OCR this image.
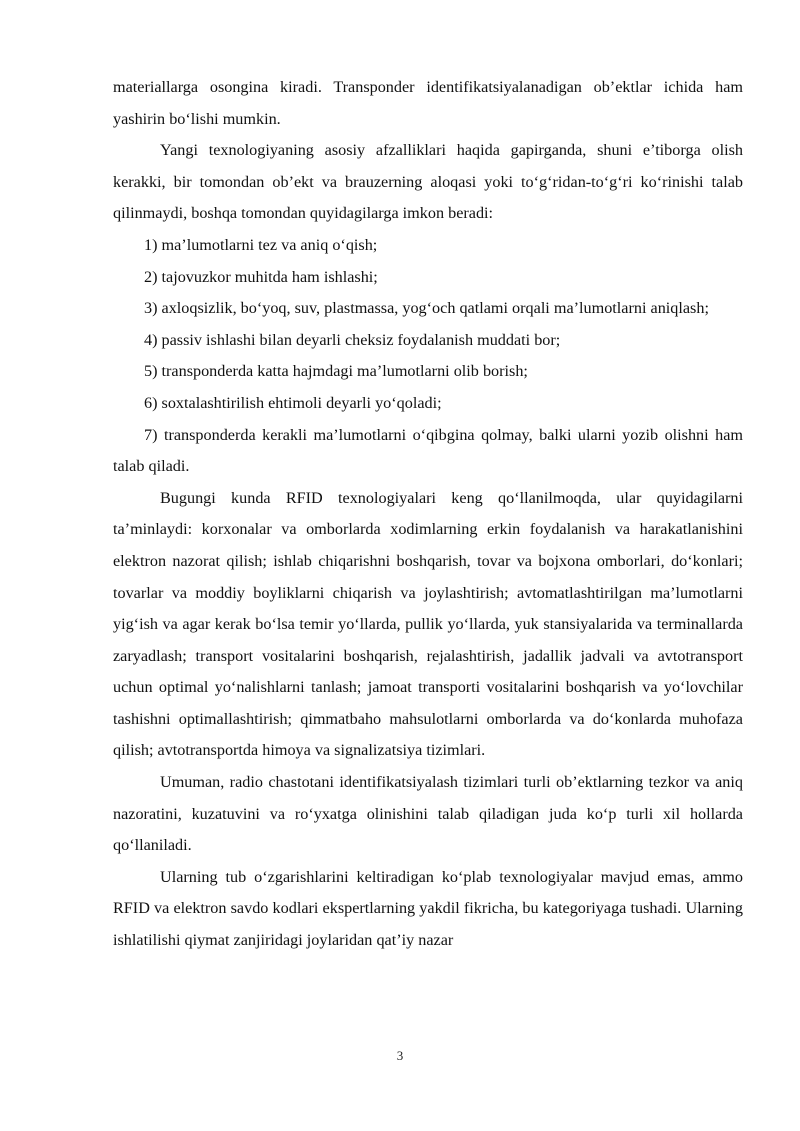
materiallarga osongina kiradi. Transponder identifikatsiyalanadigan ob’ektlar ichida ham yashirin bo‘lishi mumkin.

Yangi texnologiyaning asosiy afzalliklari haqida gapirganda, shuni e’tiborga olish kerakki, bir tomondan ob’ekt va brauzerning aloqasi yoki to‘g‘ridan-to‘g‘ri ko‘rinishi talab qilinmaydi, boshqa tomondan quyidagilarga imkon beradi:

1) ma’lumotlarni tez va aniq o‘qish;

2) tajovuzkor muhitda ham ishlashi;

3) axloqsizlik, bo‘yoq, suv, plastmassa, yog‘och qatlami orqali ma’lumotlarni aniqlash;

4) passiv ishlashi bilan deyarli cheksiz foydalanish muddati bor;

5) transponderda katta hajmdagi ma’lumotlarni olib borish;

6) soxtalashtirilish ehtimoli deyarli yo‘qoladi;

7) transponderda kerakli ma’lumotlarni o‘qibgina qolmay, balki ularni yozib olishni ham talab qiladi.

Bugungi kunda RFID texnologiyalari keng qo‘llanilmoqda, ular quyidagilarni ta’minlaydi: korxonalar va omborlarda xodimlarning erkin foydalanish va harakatlanishini elektron nazorat qilish; ishlab chiqarishni boshqarish, tovar va bojxona omborlari, do‘konlari; tovarlar va moddiy boyliklarni chiqarish va joylashtirish; avtomatlashtirilgan ma’lumotlarni yig‘ish va agar kerak bo‘lsa temir yo‘llarda, pullik yo‘llarda, yuk stansiyalarida va terminallarda zaryadlash; transport vositalarini boshqarish, rejalashtirish, jadallik jadvali va avtotransport uchun optimal yo‘nalishlarni tanlash; jamoat transporti vositalarini boshqarish va yo‘lovchilar tashishni optimallashtirish; qimmatbaho mahsulotlarni omborlarda va do‘konlarda muhofaza qilish; avtotransportda himoya va signalizatsiya tizimlari.

Umuman, radio chastotani identifikatsiyalash tizimlari turli ob’ektlarning tezkor va aniq nazoratini, kuzatuvini va ro‘yxatga olinishini talab qiladigan juda ko‘p turli xil hollarda qo‘llaniladi.

Ularning tub o‘zgarishlarini keltiradigan ko‘plab texnologiyalar mavjud emas, ammo RFID va elektron savdo kodlari ekspertlarning yakdil fikricha, bu kategoriyaga tushadi. Ularning ishlatilishi qiymat zanjiridagi joylaridan qat’iy nazar

3
